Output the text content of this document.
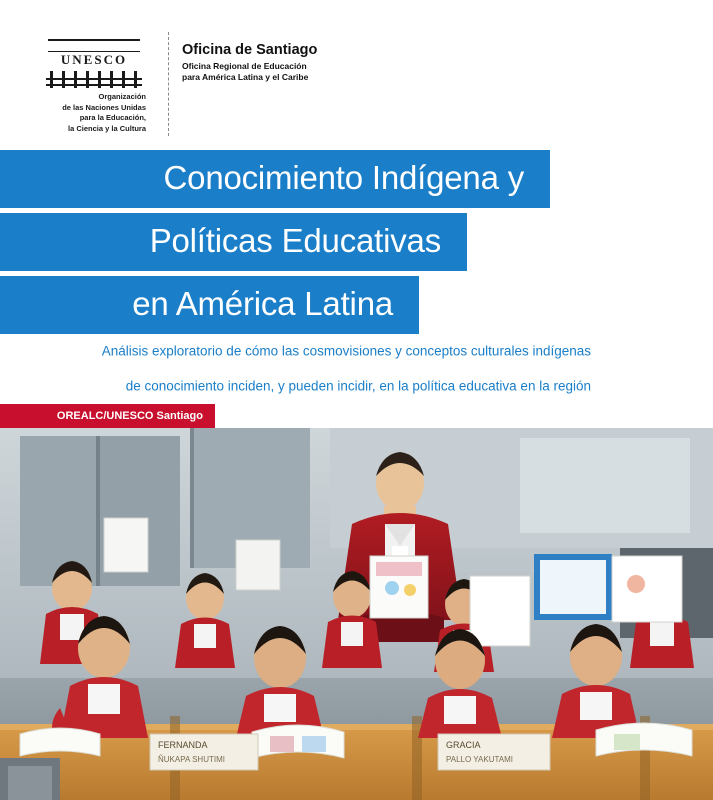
UNESCO
Organización
de las Naciones Unidas
para la Educación,
la Ciencia y la Cultura
Oficina de Santiago
Oficina Regional de Educación
para América Latina y el Caribe
Conocimiento Indígena y
Políticas Educativas
en América Latina
Análisis exploratorio de cómo las cosmovisiones y conceptos culturales indígenas
de conocimiento inciden, y pueden incidir, en la política educativa en la región
OREALC/UNESCO Santiago
FERNANDA
ÑUKAPA SHUTIMI
GRACIA
PALLO YAKUTAMI
